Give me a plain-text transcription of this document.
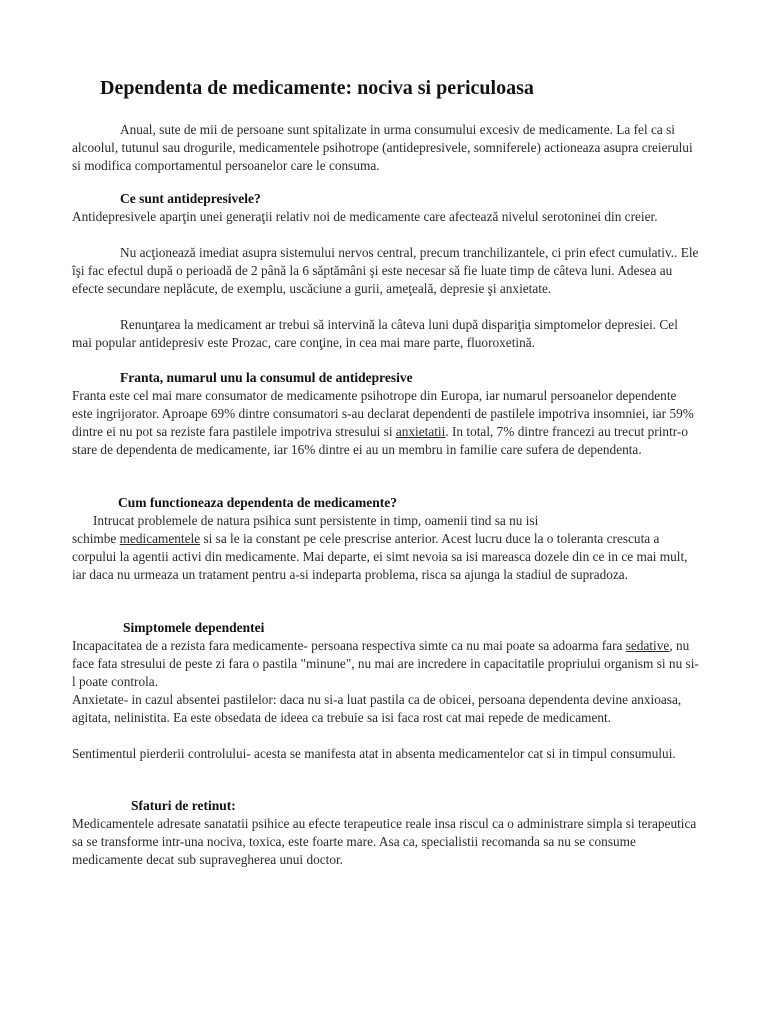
Dependenta de medicamente: nociva si periculoasa

Anual, sute de mii de persoane sunt spitalizate in urma consumului excesiv de medicamente. La fel ca si alcoolul, tutunul sau drogurile, medicamentele psihotrope (antidepresivele, somniferele) actioneaza asupra creierului si modifica comportamentul persoanelor care le consuma.

Ce sunt antidepresivele?

Antidepresivele aparţin unei generaţii relativ noi de medicamente care afectează nivelul serotoninei din creier.

Nu acţionează imediat asupra sistemului nervos central, precum tranchilizantele, ci prin efect cumulativ.. Ele îşi fac efectul după o perioadă de 2 până la 6 săptămâni şi este necesar să fie luate timp de câteva luni. Adesea au efecte secundare neplăcute, de exemplu, uscăciune a gurii, ameţeală, depresie şi anxietate.

Renunţarea la medicament ar trebui să intervină la câteva luni după dispariţia simptomelor depresiei. Cel mai popular antidepresiv este Prozac, care conţine, in cea mai mare parte, fluoroxetină.

Franta, numarul unu la consumul de antidepresive

Franta este cel mai mare consumator de medicamente psihotrope din Europa, iar numarul persoanelor dependente este ingrijorator. Aproape 69% dintre consumatori s-au declarat dependenti de pastilele impotriva insomniei, iar 59% dintre ei nu pot sa reziste fara pastilele impotriva stresului si anxietatii. In total, 7% dintre francezi au trecut printr-o stare de dependenta de medicamente, iar 16% dintre ei au un membru in familie care sufera de dependenta.

Cum functioneaza dependenta de medicamente?

Intrucat problemele de natura psihica sunt persistente in timp, oamenii tind sa nu isi

schimbe medicamentele si sa le ia constant pe cele prescrise anterior. Acest lucru duce la o toleranta crescuta a corpului la agentii activi din medicamente. Mai departe, ei simt nevoia sa isi mareasca dozele din ce in ce mai mult, iar daca nu urmeaza un tratament pentru a-si indeparta problema, risca sa ajunga la stadiul de supradoza.

Simptomele dependentei

Incapacitatea de a rezista fara medicamente- persoana respectiva simte ca nu mai poate sa adoarma fara sedative, nu face fata stresului de peste zi fara o pastila "minune", nu mai are incredere in capacitatile propriului organism si nu si-l poate controla.

Anxietate- in cazul absentei pastilelor: daca nu si-a luat pastila ca de obicei, persoana dependenta devine anxioasa, agitata, nelinistita. Ea este obsedata de ideea ca trebuie sa isi faca rost cat mai repede de medicament.

Sentimentul pierderii controlului- acesta se manifesta atat in absenta medicamentelor cat si in timpul consumului.

Sfaturi de retinut:

Medicamentele adresate sanatatii psihice au efecte terapeutice reale insa riscul ca o administrare simpla si terapeutica sa se transforme intr-una nociva, toxica, este foarte mare. Asa ca, specialistii recomanda sa nu se consume medicamente decat sub supravegherea unui doctor.
